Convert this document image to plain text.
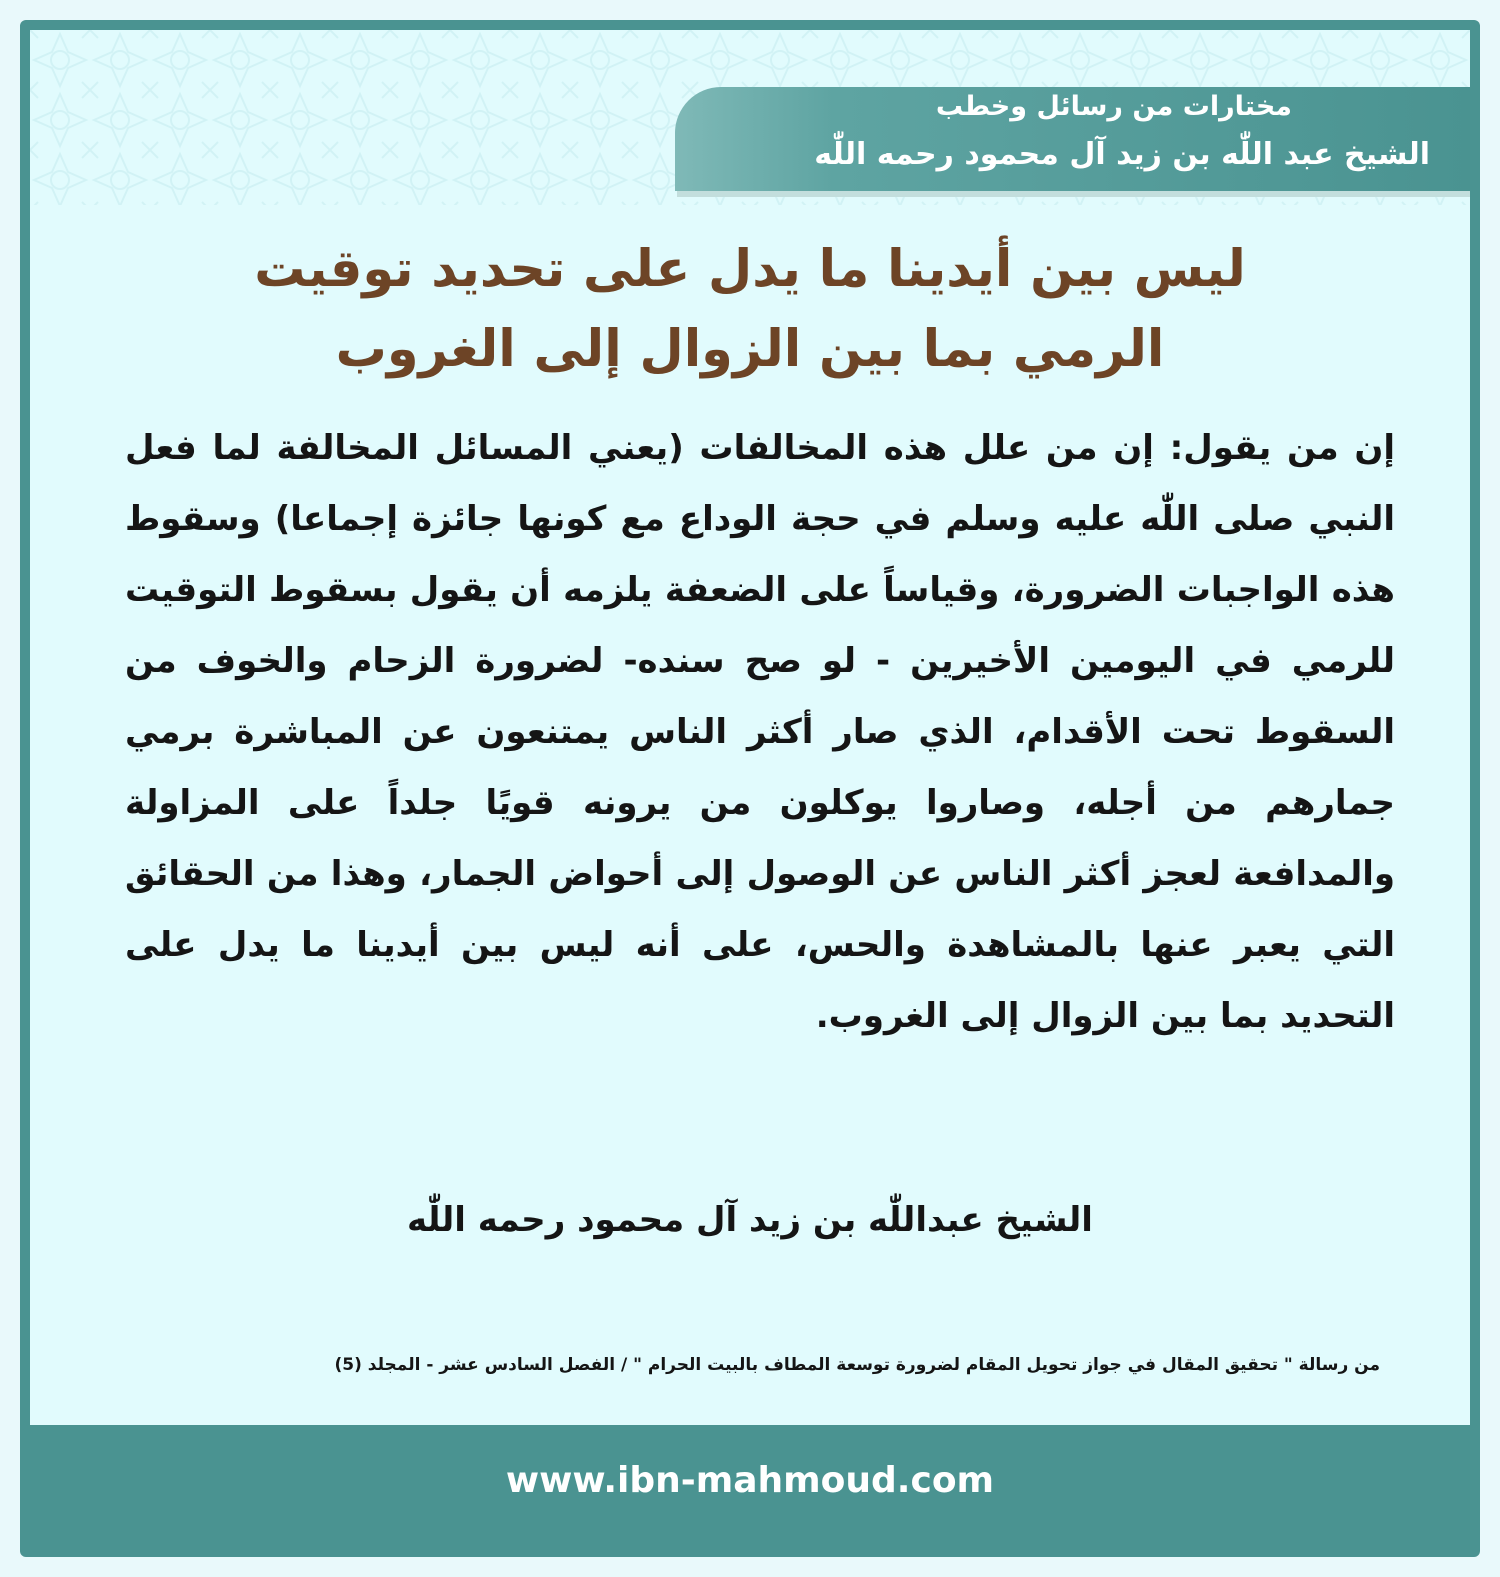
مختارات من رسائل وخطب
الشيخ عبد اللّٰه بن زيد آل محمود رحمه اللّٰه
ليس بين أيدينا ما يدل على تحديد توقيت
الرمي بما بين الزوال إلى الغروب
إن من يقول: إن من علل هذه المخالفات (يعني المسائل المخالفة لما فعل النبي صلى اللّٰه عليه وسلم في حجة الوداع مع كونها جائزة إجماعا) وسقوط هذه الواجبات الضرورة، وقياساً على الضعفة يلزمه أن يقول بسقوط التوقيت للرمي في اليومين الأخيرين - لو صح سنده- لضرورة الزحام والخوف من السقوط تحت الأقدام، الذي صار أكثر الناس يمتنعون عن المباشرة برمي جمارهم من أجله، وصاروا يوكلون من يرونه قويًا جلداً على المزاولة والمدافعة لعجز أكثر الناس عن الوصول إلى أحواض الجمار، وهذا من الحقائق التي يعبر عنها بالمشاهدة والحس، على أنه ليس بين أيدينا ما يدل على التحديد بما بين الزوال إلى الغروب.
الشيخ عبداللّٰه بن زيد آل محمود رحمه اللّٰه
من رسالة " تحقيق المقال في جواز تحويل المقام لضرورة توسعة المطاف بالبيت الحرام " / الفصل السادس عشر - المجلد (5)
www.ibn-mahmoud.com
